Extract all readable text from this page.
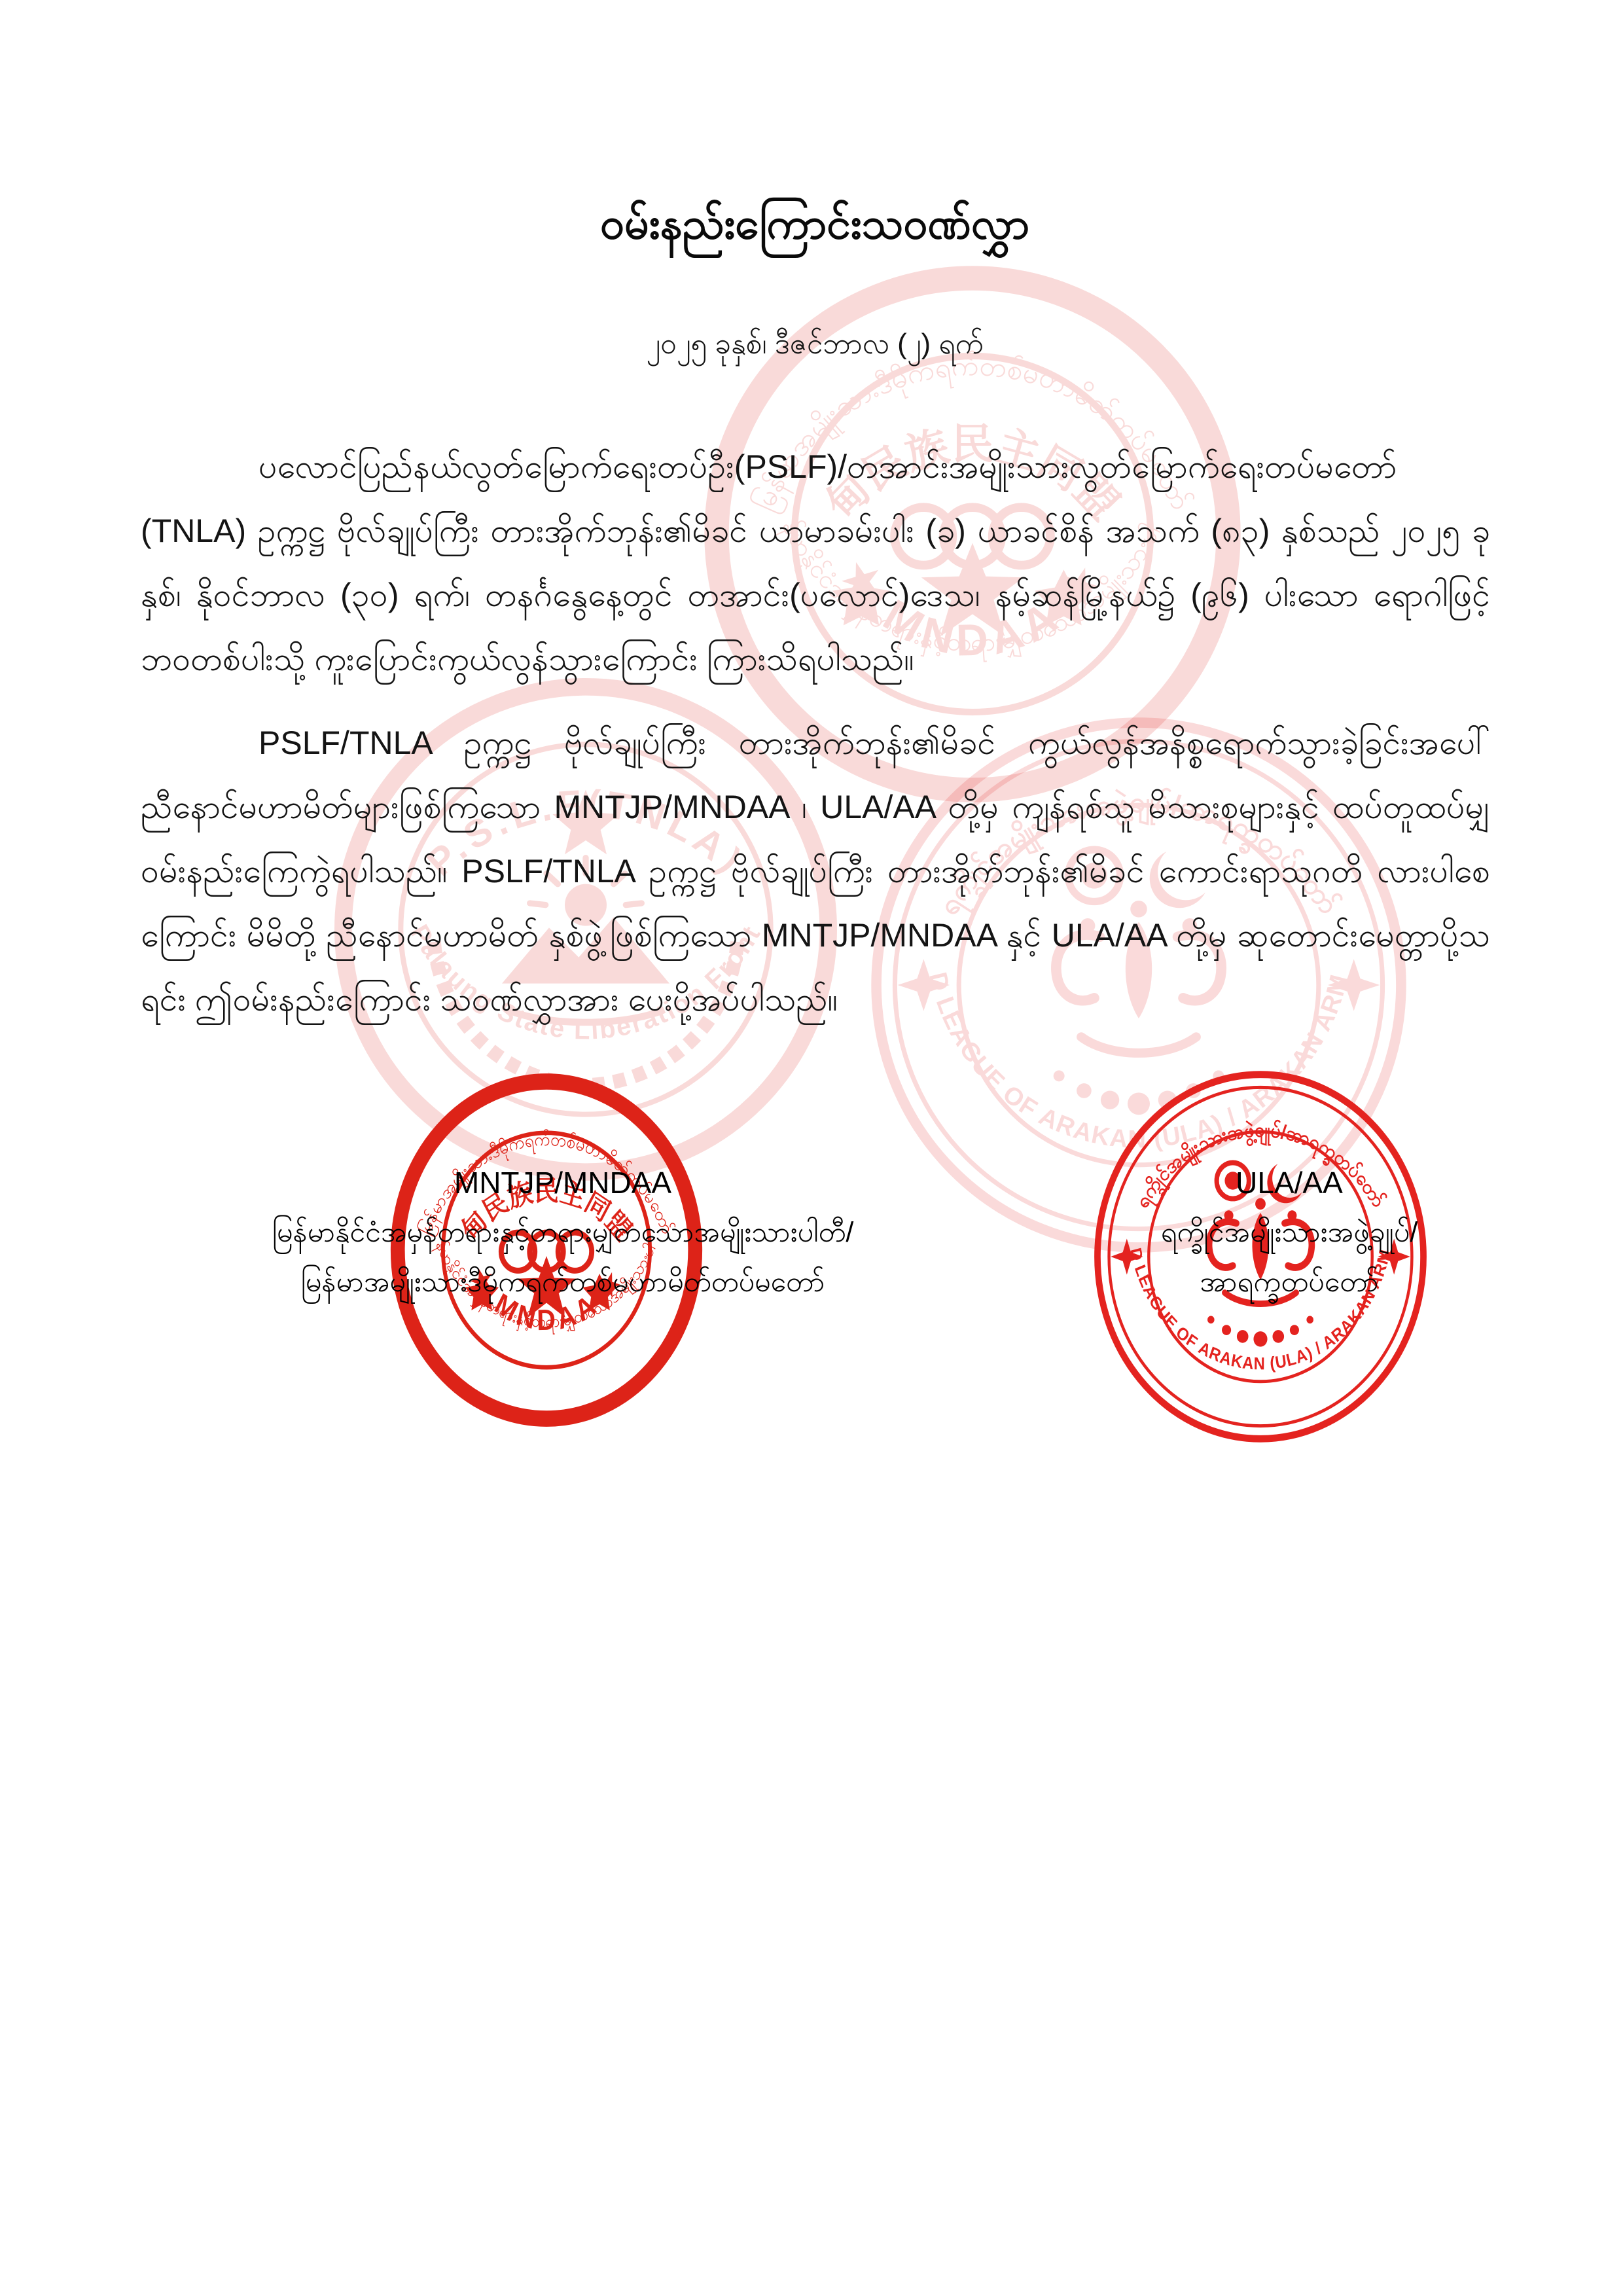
ဝမ်းနည်းကြောင်းသဝဏ်လွှာ
၂၀၂၅ ခုနှစ်၊ ဒီဇင်ဘာလ (၂) ရက်
ပလောင်ပြည်နယ်လွတ်မြောက်ရေးတပ်ဦး(PSLF)/တအာင်းအမျိုးသားလွတ်မြောက်ရေးတပ်မတော် (TNLA) ဥက္ကဋ္ဌ ဗိုလ်ချုပ်ကြီး တားအိုက်ဘုန်း၏မိခင် ယာမာခမ်းပါး (ခ) ယာခင်စိန် အသက် (၈၃) နှစ်သည် ၂၀၂၅ ခုနှစ်၊ နိုဝင်ဘာလ (၃၀) ရက်၊ တနင်္ဂနွေနေ့တွင် တအာင်း(ပလောင်)ဒေသ၊ နမ့်ဆန်မြို့နယ်၌ (၉၆) ပါးသော ရောဂါဖြင့် ဘဝတစ်ပါးသို့ ကူးပြောင်းကွယ်လွန်သွားကြောင်း ကြားသိရပါသည်။
PSLF/TNLA ဥက္ကဋ္ဌ ဗိုလ်ချုပ်ကြီး တားအိုက်ဘုန်း၏မိခင် ကွယ်လွန်အနိစ္စရောက်သွားခဲ့ခြင်းအပေါ် ညီနောင်မဟာမိတ်များဖြစ်ကြသော MNTJP/MNDAA ၊ ULA/AA တို့မှ ကျန်ရစ်သူ မိသားစုများနှင့် ထပ်တူထပ်မျှ ဝမ်းနည်းကြေကွဲရပါသည်။ PSLF/TNLA ဥက္ကဋ္ဌ ဗိုလ်ချုပ်ကြီး တားအိုက်ဘုန်း၏မိခင် ကောင်းရာသုဂတိ လားပါစေကြောင်း မိမိတို့ ညီနောင်မဟာမိတ် နှစ်ဖွဲ့ဖြစ်ကြသော MNTJP/MNDAA နှင့် ULA/AA တို့မှ ဆုတောင်းမေတ္တာပို့သရင်း ဤဝမ်းနည်းကြောင်း သဝဏ်လွှာအား ပေးပို့အပ်ပါသည်။
MNTJP/MNDAA
မြန်မာနိုင်ငံအမှန်တရားနှင့်တရားမျှတသောအမျိုးသားပါတီ/
မြန်မာအမျိုးသားဒီမိုကရက်တစ်မဟာမိတ်တပ်မတော်
ULA/AA
ရက္ခိုင်အမျိုးသားအဖွဲ့ချုပ်/
အာရက္ခတပ်တော်
